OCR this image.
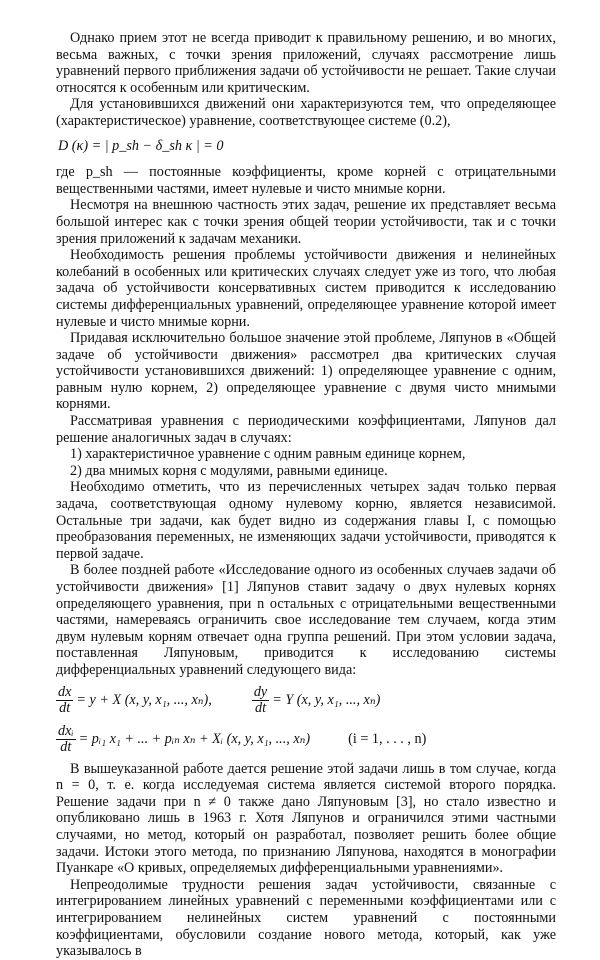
Однако прием этот не всегда приводит к правильному решению, и во многих, весьма важных, с точки зрения приложений, случаях рассмотрение лишь уравнений первого приближения задачи об устойчивости не решает. Такие случаи относятся к особенным или критическим.

Для установившихся движений они характеризуются тем, что определяющее (характеристическое) уравнение, соответствующее системе (0.2),

D (κ) = | p_sh − δ_sh κ | = 0

где p_sh — постоянные коэффициенты, кроме корней с отрицательными вещественными частями, имеет нулевые и чисто мнимые корни.

Несмотря на внешнюю частность этих задач, решение их представляет весьма большой интерес как с точки зрения общей теории устойчивости, так и с точки зрения приложений к задачам механики.

Необходимость решения проблемы устойчивости движения и нелинейных колебаний в особенных или критических случаях следует уже из того, что любая задача об устойчивости консервативных систем приводится к исследованию системы дифференциальных уравнений, определяющее уравнение которой имеет нулевые и чисто мнимые корни.

Придавая исключительно большое значение этой проблеме, Ляпунов в «Общей задаче об устойчивости движения» рассмотрел два критических случая устойчивости установившихся движений: 1) определяющее уравнение с одним, равным нулю корнем, 2) определяющее уравнение с двумя чисто мнимыми корнями.

Рассматривая уравнения с периодическими коэффициентами, Ляпунов дал решение аналогичных задач в случаях:

1) характеристичное уравнение с одним равным единице корнем,

2) два мнимых корня с модулями, равными единице.

Необходимо отметить, что из перечисленных четырех задач только первая задача, соответствующая одному нулевому корню, является независимой. Остальные три задачи, как будет видно из содержания главы I, с помощью преобразования переменных, не изменяющих задачи устойчивости, приводятся к первой задаче.

В более поздней работе «Исследование одного из особенных случаев задачи об устойчивости движения» [1] Ляпунов ставит задачу о двух нулевых корнях определяющего уравнения, при n остальных с отрицательными вещественными частями, намереваясь ограничить свое исследование тем случаем, когда этим двум нулевым корням отвечает одна группа решений. При этом условии задача, поставленная Ляпуновым, приводится к исследованию системы дифференциальных уравнений следующего вида:

$\frac{dx}{dt} = y + X$ (x, y, x₁, ..., xₙ),	$\frac{dy}{dt} = Y$ (x, y, x₁, ..., xₙ)
$\frac{\text{dxᵢ}}{dt}$ = pᵢ₁ x₁ + ... + pᵢₙ xₙ + Xᵢ (x, y, x₁, ..., xₙ)	(i = 1, . . . , n)

В вышеуказанной работе дается решение этой задачи лишь в том случае, когда n = 0, т. е. когда исследуемая система является системой второго порядка. Решение задачи при n ≠ 0 также дано Ляпуновым [3], но стало известно и опубликовано лишь в 1963 г. Хотя Ляпунов и ограничился этими частными случаями, но метод, который он разработал, позволяет решить более общие задачи. Истоки этого метода, по признанию Ляпунова, находятся в монографии Пуанкаре «О кривых, определяемых дифференциальными уравнениями».

Непреодолимые трудности решения задач устойчивости, связанные с интегрированием линейных уравнений с переменными коэффициентами или с интегрированием нелинейных систем уравнений с постоянными коэффициентами, обусловили создание нового метода, который, как уже указывалось в
